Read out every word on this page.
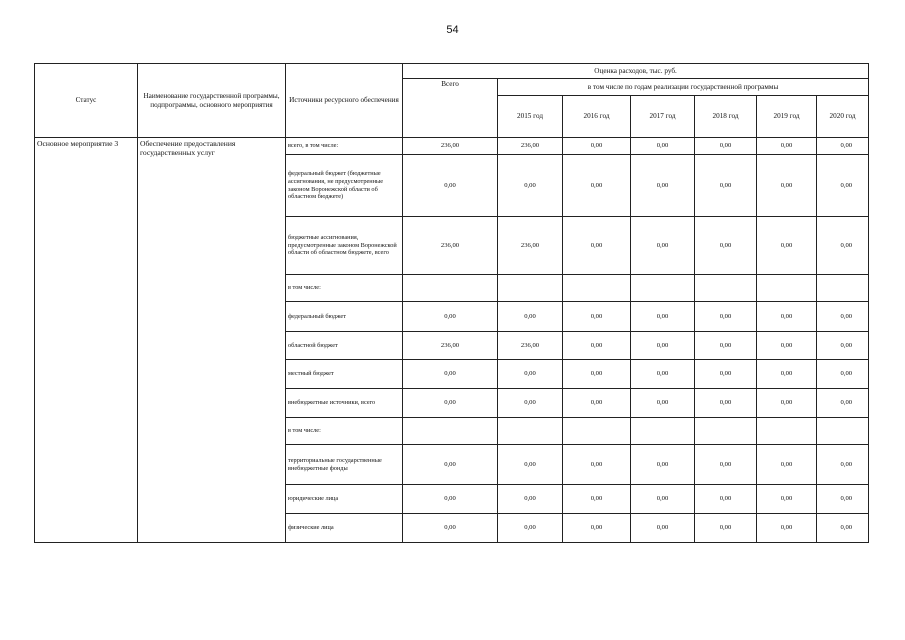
54
Статус	Наименование государственной программы, подпрограммы, основного мероприятия	Источники ресурсного обеспечения	Оценка расходов, тыс. руб.						
			Всего	в том числе по годам реализации государственной программы					
				2015 год	2016 год	2017 год	2018 год	2019 год	2020 год
Основное мероприятие 3	Обеспечение предоставления государственных услуг	всего, в том числе:	236,00	236,00	0,00	0,00	0,00	0,00	0,00
		федеральный бюджет (бюджетные ассигнования, не предусмотренные законом Воронежской области об областном бюджете)	0,00	0,00	0,00	0,00	0,00	0,00	0,00
		бюджетные ассигнования, предусмотренные законом Воронежской области об областном бюджете, всего	236,00	236,00	0,00	0,00	0,00	0,00	0,00
		в том числе:							
		федеральный бюджет	0,00	0,00	0,00	0,00	0,00	0,00	0,00
		областной бюджет	236,00	236,00	0,00	0,00	0,00	0,00	0,00
		местный бюджет	0,00	0,00	0,00	0,00	0,00	0,00	0,00
		внебюджетные источники, всего	0,00	0,00	0,00	0,00	0,00	0,00	0,00
		в том числе:							
		территориальные государственные внебюджетные фонды	0,00	0,00	0,00	0,00	0,00	0,00	0,00
		юридические лица	0,00	0,00	0,00	0,00	0,00	0,00	0,00
		физические лица	0,00	0,00	0,00	0,00	0,00	0,00	0,00
